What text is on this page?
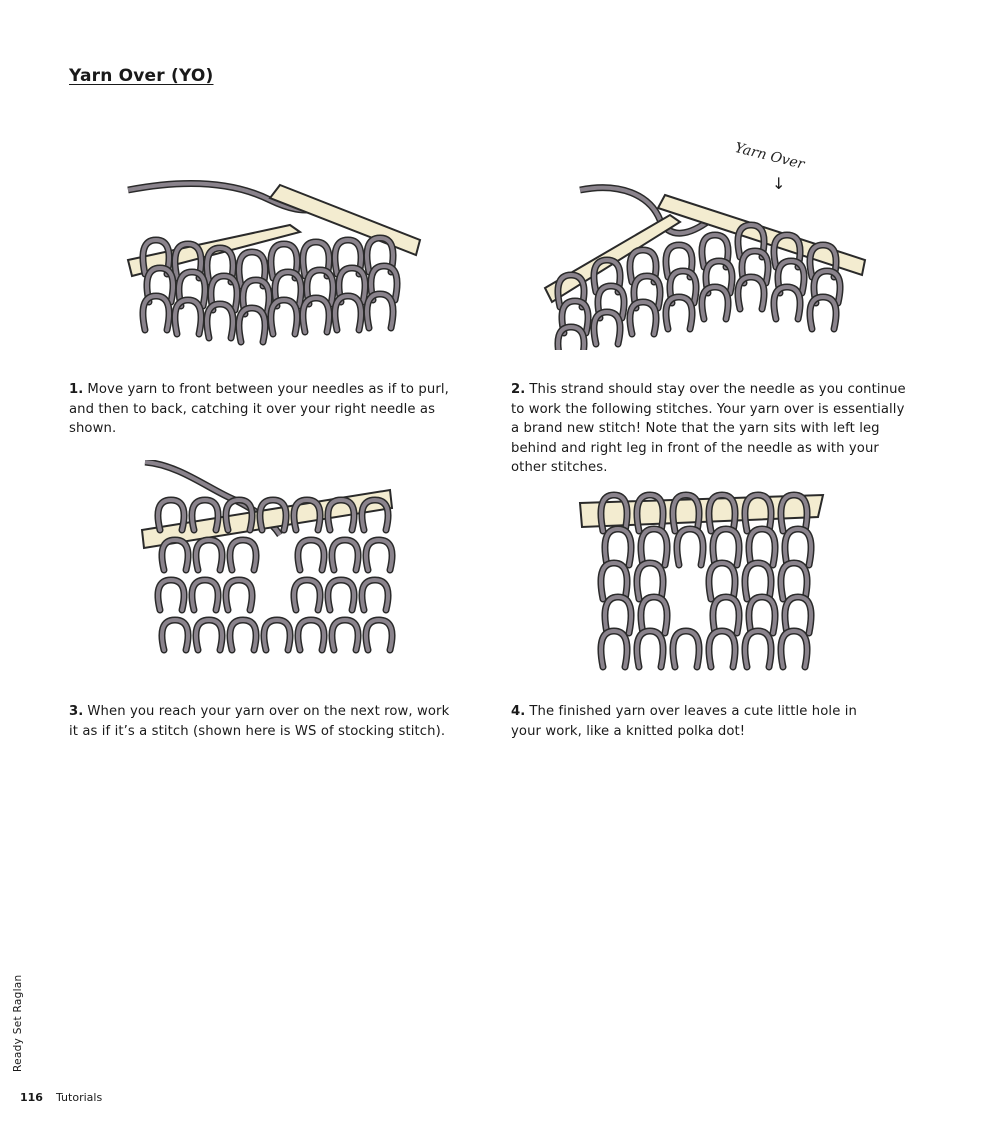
Yarn Over (YO)
Yarn Over
↓
1. Move yarn to front between your needles as if to purl, and then to back, catching it over your right needle as shown.
2. This strand should stay over the needle as you continue to work the following stitches. Your yarn over is essentially a brand new stitch! Note that the yarn sits with left leg behind and right leg in front of the needle as with your other stitches.
3. When you reach your yarn over on the next row, work it as if it’s a stitch (shown here is WS of stocking stitch).
4. The finished yarn over leaves a cute little hole in your work, like a knitted polka dot!
Ready Set Raglan
116 Tutorials
